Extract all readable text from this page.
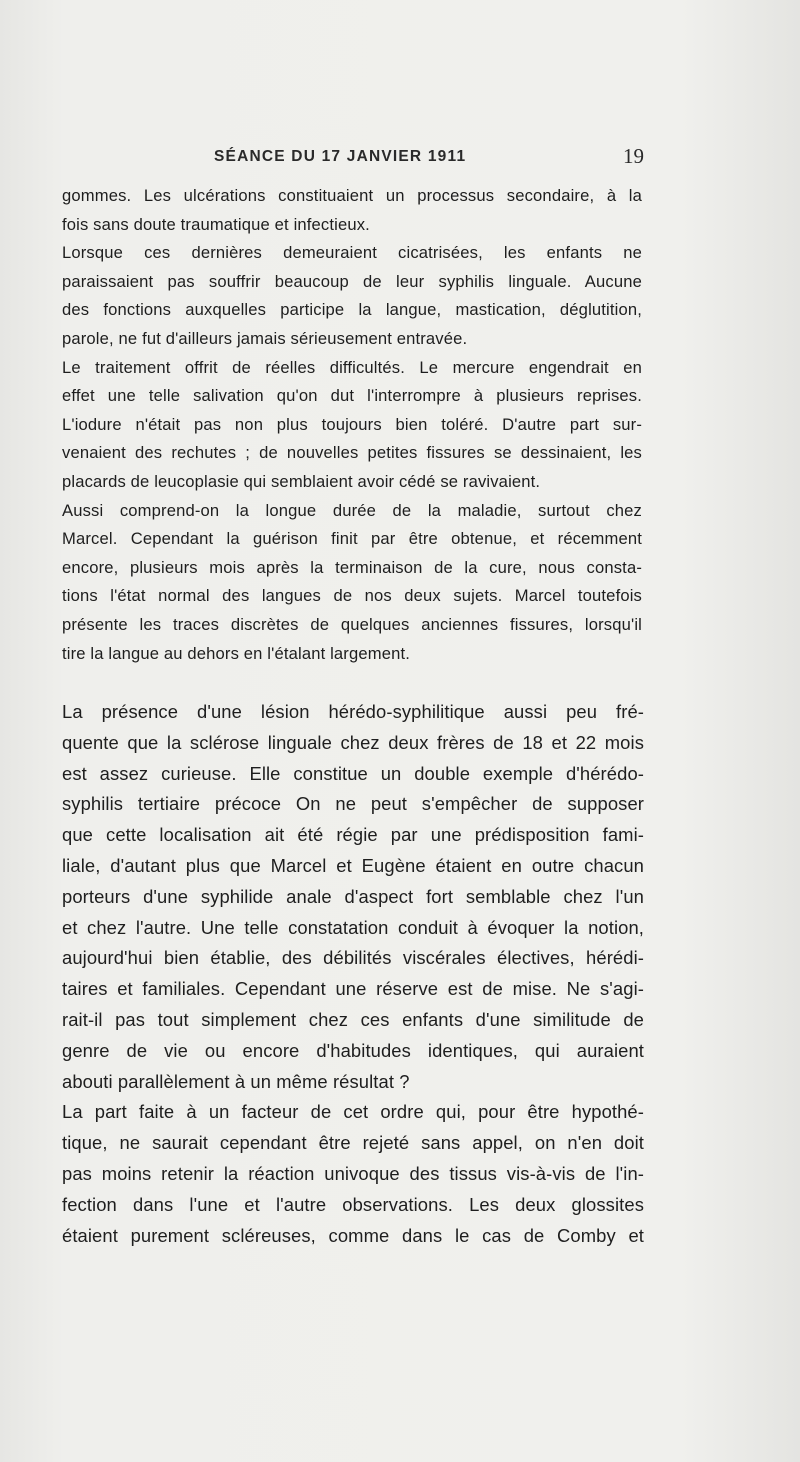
SÉANCE DU 17 JANVIER 1911	19

gommes. Les ulcérations constituaient un processus secondaire, à la
fois sans doute traumatique et infectieux.

Lorsque ces dernières demeuraient cicatrisées, les enfants ne
paraissaient pas souffrir beaucoup de leur syphilis linguale. Aucune
des fonctions auxquelles participe la langue, mastication, déglutition,
parole, ne fut d'ailleurs jamais sérieusement entravée.

Le traitement offrit de réelles difficultés. Le mercure engendrait en
effet une telle salivation qu'on dut l'interrompre à plusieurs reprises.
L'iodure n'était pas non plus toujours bien toléré. D'autre part sur-
venaient des rechutes ; de nouvelles petites fissures se dessinaient, les
placards de leucoplasie qui semblaient avoir cédé se ravivaient.

Aussi comprend-on la longue durée de la maladie, surtout chez
Marcel. Cependant la guérison finit par être obtenue, et récemment
encore, plusieurs mois après la terminaison de la cure, nous consta-
tions l'état normal des langues de nos deux sujets. Marcel toutefois
présente les traces discrètes de quelques anciennes fissures, lorsqu'il
tire la langue au dehors en l'étalant largement.

La présence d'une lésion hérédo-syphilitique aussi peu fré-
quente que la sclérose linguale chez deux frères de 18 et 22 mois
est assez curieuse. Elle constitue un double exemple d'hérédo-
syphilis tertiaire précoce On ne peut s'empêcher de supposer
que cette localisation ait été régie par une prédisposition fami-
liale, d'autant plus que Marcel et Eugène étaient en outre chacun
porteurs d'une syphilide anale d'aspect fort semblable chez l'un
et chez l'autre. Une telle constatation conduit à évoquer la notion,
aujourd'hui bien établie, des débilités viscérales électives, hérédi-
taires et familiales. Cependant une réserve est de mise. Ne s'agi-
rait-il pas tout simplement chez ces enfants d'une similitude de
genre de vie ou encore d'habitudes identiques, qui auraient
abouti parallèlement à un même résultat ?

La part faite à un facteur de cet ordre qui, pour être hypothé-
tique, ne saurait cependant être rejeté sans appel, on n'en doit
pas moins retenir la réaction univoque des tissus vis-à-vis de l'in-
fection dans l'une et l'autre observations. Les deux glossites
étaient purement scléreuses, comme dans le cas de Comby et
